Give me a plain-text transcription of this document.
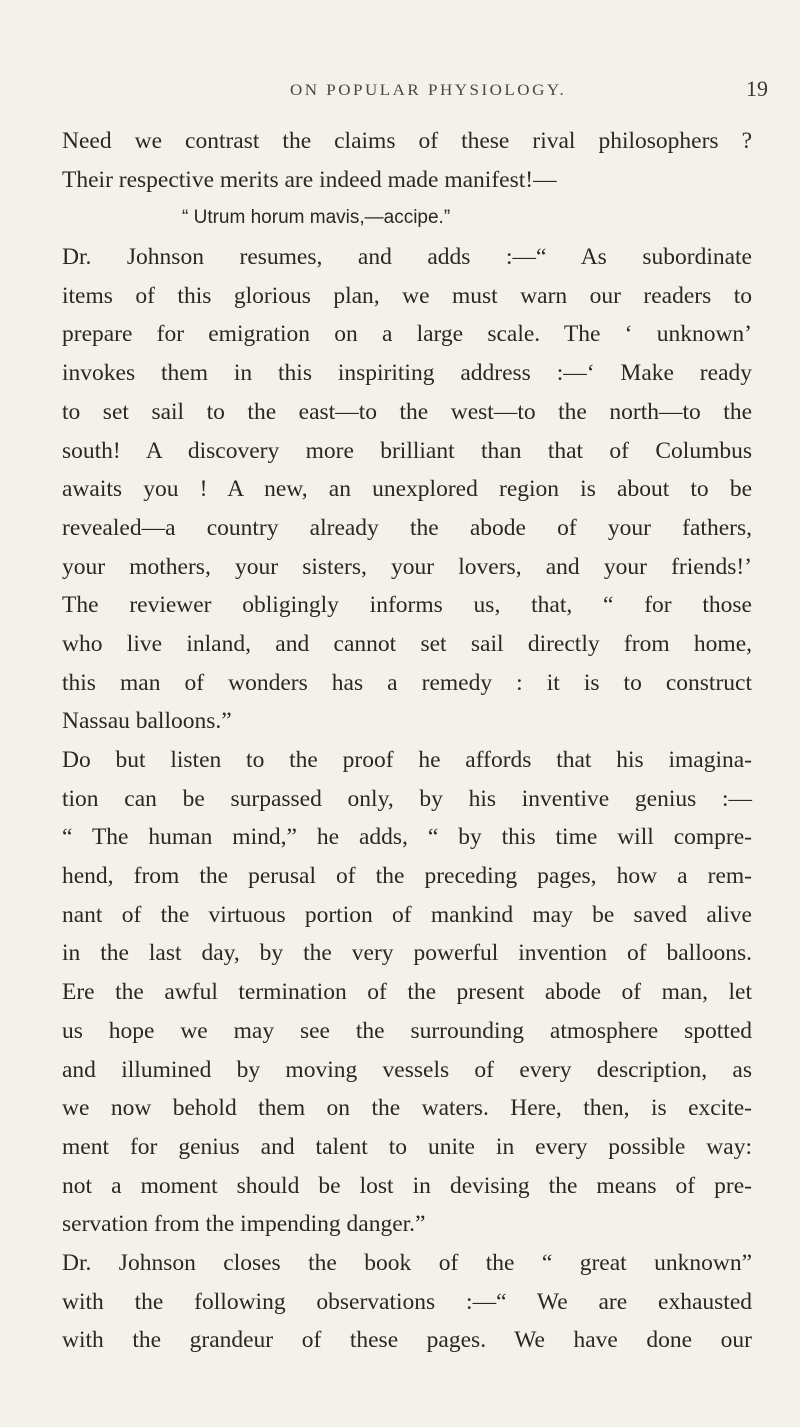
ON POPULAR PHYSIOLOGY.	19
Need we contrast the claims of these rival philosophers ?
Their respective merits are indeed made manifest!—
“ Utrum horum mavis,—accipe.”
Dr. Johnson resumes, and adds :—“ As subordinate
items of this glorious plan, we must warn our readers to
prepare for emigration on a large scale. The ‘ unknown’
invokes them in this inspiriting address :—‘ Make ready
to set sail to the east—to the west—to the north—to the
south! A discovery more brilliant than that of Columbus
awaits you ! A new, an unexplored region is about to be
revealed—a country already the abode of your fathers,
your mothers, your sisters, your lovers, and your friends!’
The reviewer obligingly informs us, that, “ for those
who live inland, and cannot set sail directly from home,
this man of wonders has a remedy : it is to construct
Nassau balloons.”
Do but listen to the proof he affords that his imagina-
tion can be surpassed only, by his inventive genius :—
“ The human mind,” he adds, “ by this time will compre-
hend, from the perusal of the preceding pages, how a rem-
nant of the virtuous portion of mankind may be saved alive
in the last day, by the very powerful invention of balloons.
Ere the awful termination of the present abode of man, let
us hope we may see the surrounding atmosphere spotted
and illumined by moving vessels of every description, as
we now behold them on the waters. Here, then, is excite-
ment for genius and talent to unite in every possible way:
not a moment should be lost in devising the means of pre-
servation from the impending danger.”
Dr. Johnson closes the book of the “ great unknown”
with the following observations :—“ We are exhausted
with the grandeur of these pages. We have done our
